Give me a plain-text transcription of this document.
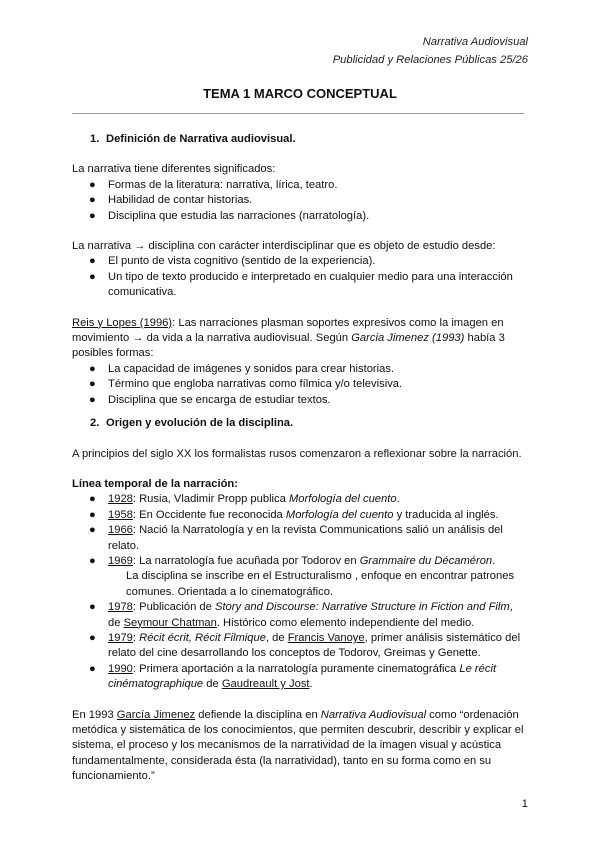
Narrativa Audiovisual
Publicidad y Relaciones Públicas 25/26
TEMA 1 MARCO CONCEPTUAL
1. Definición de Narrativa audiovisual.

La narrativa tiene diferentes significados:

● Formas de la literatura: narrativa, lírica, teatro.
● Habilidad de contar historias.
● Disciplina que estudia las narraciones (narratología).

La narrativa → disciplina con carácter interdisciplinar que es objeto de estudio desde:

● El punto de vista cognitivo (sentido de la experiencia).
● Un tipo de texto producido e interpretado en cualquier medio para una interacción comunicativa.

Reis y Lopes (1996): Las narraciones plasman soportes expresivos como la imagen en movimiento → da vida a la narrativa audiovisual. Según Garcia Jimenez (1993) había 3 posibles formas:

● La capacidad de imágenes y sonidos para crear historias.
● Término que engloba narrativas como fílmica y/o televisiva.
● Disciplina que se encarga de estudiar textos.
2. Origen y evolución de la disciplina.

A principios del siglo XX los formalistas rusos comenzaron a reflexionar sobre la narración.

Línea temporal de la narración:

● 1928: Rusia, Vladimir Propp publica Morfología del cuento.
● 1958: En Occidente fue reconocida Morfología del cuento y traducida al inglés.
● 1966: Nació la Narratología y en la revista Communications salió un análisis del relato.
● 1969: La narratología fue acuñada por Todorov en Grammaire du Décaméron.
La disciplina se inscribe en el Estructuralismo , enfoque en encontrar patrones comunes. Orientada a lo cinematográfico.
● 1978: Publicación de Story and Discourse: Narrative Structure in Fiction and Film, de Seymour Chatman. Histórico como elemento independiente del medio.
● 1979: Récit écrit, Récit Filmique, de Francis Vanoye, primer análisis sistemático del relato del cine desarrollando los conceptos de Todorov, Greimas y Genette.
● 1990: Primera aportación a la narratología puramente cinematográfica Le récit cinématographique de Gaudreault y Jost.

En 1993 García Jimenez defiende la disciplina en Narrativa Audiovisual como “ordenación metódica y sistemática de los conocimientos, que permiten descubrir, describir y explicar el sistema, el proceso y los mecanismos de la narratividad de la imagen visual y acústica fundamentalmente, considerada ésta (la narratividad), tanto en su forma como en su funcionamiento.”

1
